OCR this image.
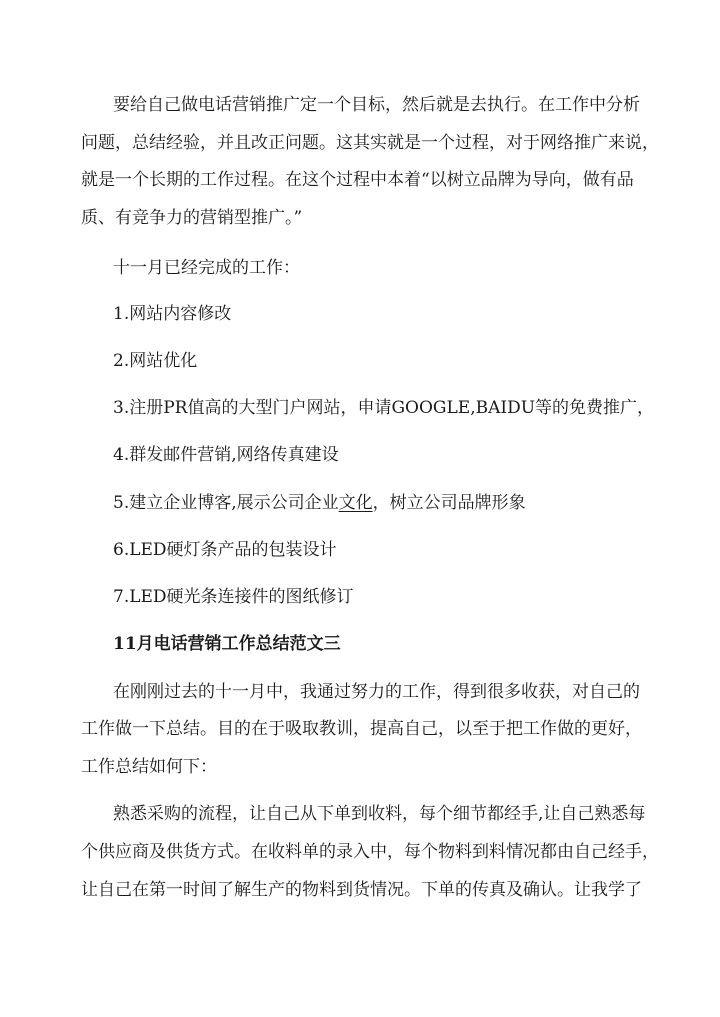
要给自己做电话营销推广定一个目标，然后就是去执行。在工作中分析
问题，总结经验，并且改正问题。这其实就是一个过程，对于网络推广来说，
就是一个长期的工作过程。在这个过程中本着“以树立品牌为导向，做有品
质、有竞争力的营销型推广。”
十一月已经完成的工作：
1.网站内容修改
2.网站优化
3.注册PR值高的大型门户网站，申请GOOGLE,BAIDU等的免费推广，
4.群发邮件营销,网络传真建设
5.建立企业博客,展示公司企业文化，树立公司品牌形象
6.LED硬灯条产品的包装设计
7.LED硬光条连接件的图纸修订
11月电话营销工作总结范文三
在刚刚过去的十一月中，我通过努力的工作，得到很多收获，对自己的
工作做一下总结。目的在于吸取教训，提高自己，以至于把工作做的更好，
工作总结如何下：
熟悉采购的流程，让自己从下单到收料，每个细节都经手,让自己熟悉每
个供应商及供货方式。在收料单的录入中，每个物料到料情况都由自己经手，
让自己在第一时间了解生产的物料到货情况。下单的传真及确认。让我学了
